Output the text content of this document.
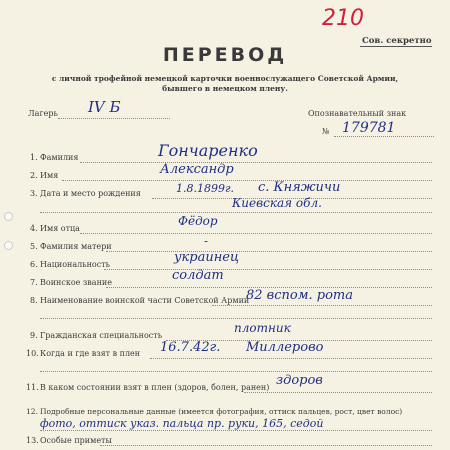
210
Сов. секретно
ПЕРЕВОД
с личной трофейной немецкой карточки военнослужащего Советской Армии,
бывшего в немецком плену.
Лагерь IV Б	Опознавательный знак
№ 179781
1. Фамилия	Гончаренко
2. Имя	Александр
3. Дата и место рождения	1.8.1899г. с. Княжичи
Киевская обл.
4. Имя отца
Фёдор
5. Фамилия матери	-
6. Национальность	украинец
7. Воинское звание	солдат
8. Наименование воинской части Советской Армии
82 вспом. рота
9. Гражданская специальность
плотник
10. Когда и где взят в плен 16.7.42г. Миллерово
11. В каком состоянии взят в плен (здоров, болен, ранен) здоров
12. Подробные персональные данные (имеется фотография, оттиск пальцев, рост, цвет волос)
фото, оттиск указ. пальца пр. руки, 165, седой
13. Особые приметы
